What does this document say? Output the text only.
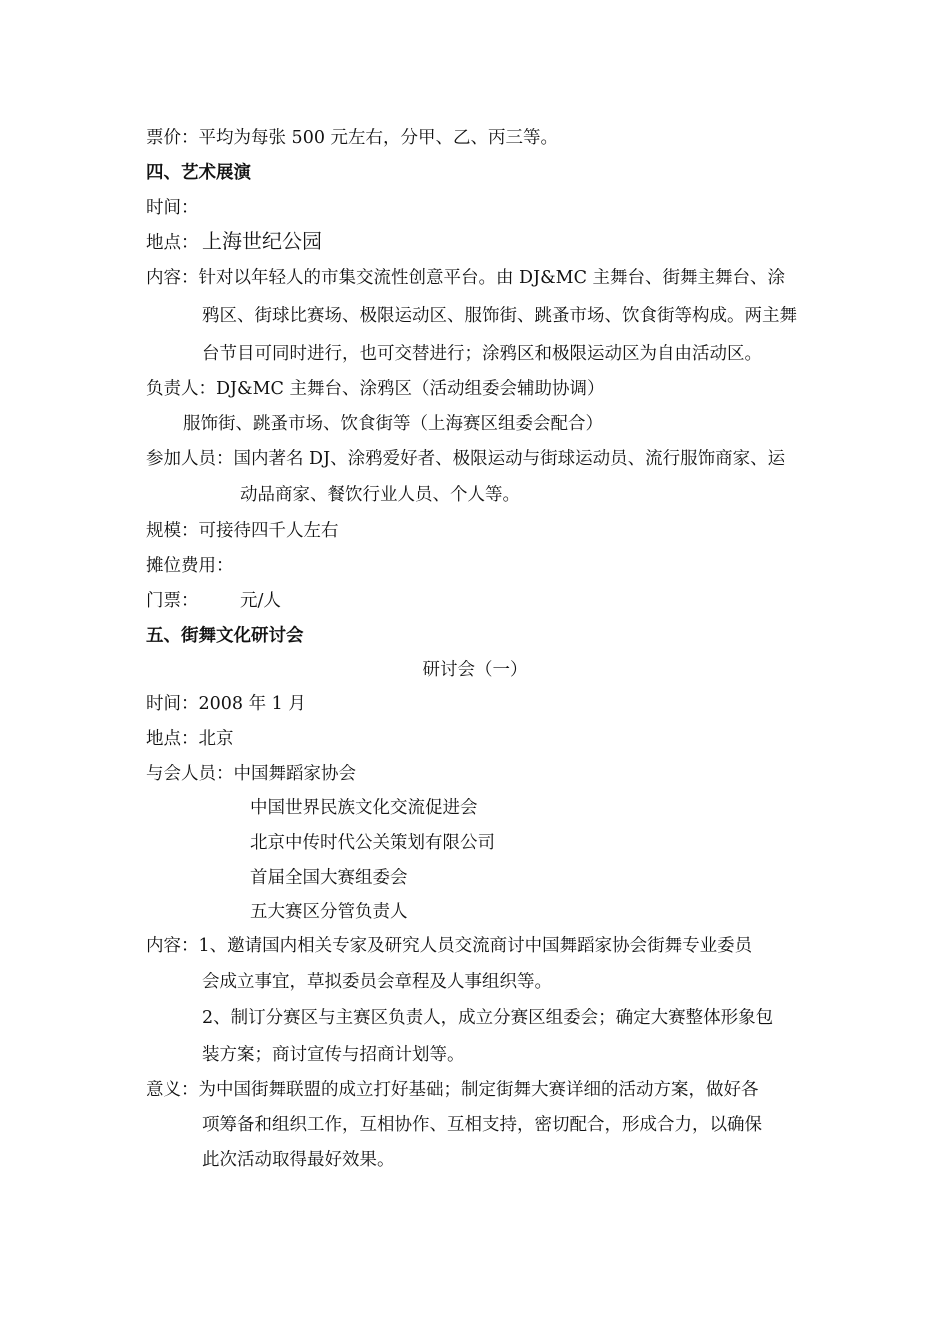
票价：平均为每张 500 元左右，分甲、乙、丙三等。
四、艺术展演
时间：
地点： 上海世纪公园
内容：针对以年轻人的市集交流性创意平台。由 DJ&MC 主舞台、街舞主舞台、涂
鸦区、街球比赛场、极限运动区、服饰街、跳蚤市场、饮食街等构成。两主舞
台节目可同时进行，也可交替进行；涂鸦区和极限运动区为自由活动区。
负责人：DJ&MC 主舞台、涂鸦区（活动组委会辅助协调）
服饰街、跳蚤市场、饮食街等（上海赛区组委会配合）
参加人员：国内著名 DJ、涂鸦爱好者、极限运动与街球运动员、流行服饰商家、运
动品商家、餐饮行业人员、个人等。
规模：可接待四千人左右
摊位费用：
门票： 元/人
五、街舞文化研讨会
研讨会（一）
时间：2008 年 1 月
地点：北京
与会人员：中国舞蹈家协会
中国世界民族文化交流促进会
北京中传时代公关策划有限公司
首届全国大赛组委会
五大赛区分管负责人
内容：1、邀请国内相关专家及研究人员交流商讨中国舞蹈家协会街舞专业委员
会成立事宜，草拟委员会章程及人事组织等。
2、制订分赛区与主赛区负责人，成立分赛区组委会；确定大赛整体形象包
装方案；商讨宣传与招商计划等。
意义：为中国街舞联盟的成立打好基础；制定街舞大赛详细的活动方案，做好各
项筹备和组织工作，互相协作、互相支持，密切配合，形成合力，以确保
此次活动取得最好效果。
